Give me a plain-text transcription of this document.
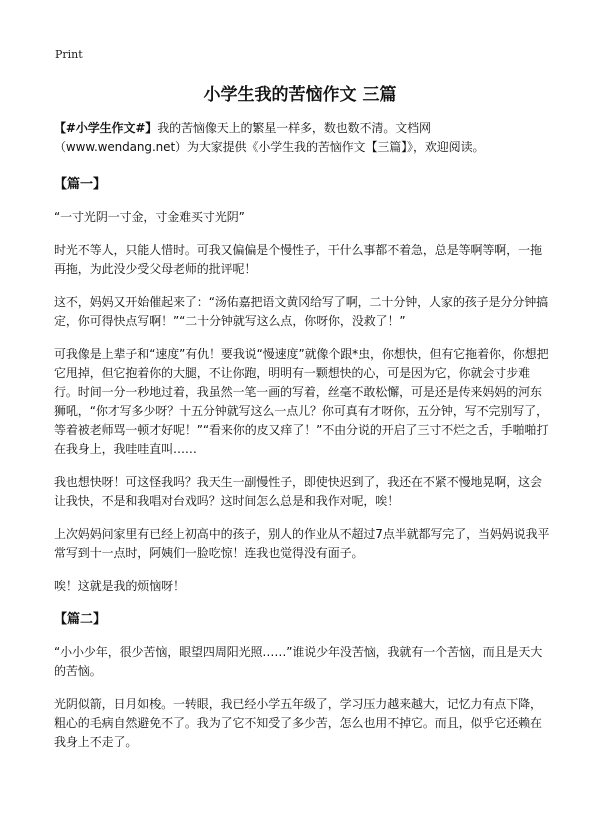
Print
小学生我的苦恼作文 三篇

【#小学生作文#】我的苦恼像天上的繁星一样多，数也数不清。文档网（www.wendang.net）为大家提供《小学生我的苦恼作文【三篇】》，欢迎阅读。

【篇一】

“一寸光阴一寸金，寸金难买寸光阴”

时光不等人，只能人惜时。可我又偏偏是个慢性子，干什么事都不着急，总是等啊等啊，一拖再拖，为此没少受父母老师的批评呢！

这不，妈妈又开始催起来了：“汤佑嘉把语文黄冈给写了啊，二十分钟，人家的孩子是分分钟搞定，你可得快点写啊！”“二十分钟就写这么点，你呀你，没救了！”

可我像是上辈子和“速度”有仇！要我说“慢速度”就像个跟*虫，你想快，但有它拖着你，你想把它甩掉，但它抱着你的大腿，不让你跑，明明有一颗想快的心，可是因为它，你就会寸步难行。时间一分一秒地过着，我虽然一笔一画的写着，丝毫不敢松懈，可是还是传来妈妈的河东狮吼，“你才写多少呀？十五分钟就写这么一点儿？你可真有才呀你，五分钟，写不完别写了，等着被老师骂一顿才好呢！”“看来你的皮又痒了！”不由分说的开启了三寸不烂之舌，手啪啪打在我身上，我哇哇直叫……

我也想快呀！可这怪我吗？我天生一副慢性子，即使快迟到了，我还在不紧不慢地晃啊，这会让我快，不是和我唱对台戏吗？这时间怎么总是和我作对呢，唉！

上次妈妈问家里有已经上初高中的孩子，别人的作业从不超过7点半就都写完了，当妈妈说我平常写到十一点时，阿姨们一脸吃惊！连我也觉得没有面子。

唉！这就是我的烦恼呀！

【篇二】

“小小少年，很少苦恼，眼望四周阳光照……”谁说少年没苦恼，我就有一个苦恼，而且是天大的苦恼。

光阴似箭，日月如梭。一转眼，我已经小学五年级了，学习压力越来越大，记忆力有点下降，粗心的毛病自然避免不了。我为了它不知受了多少苦，怎么也用不掉它。而且，似乎它还赖在我身上不走了。
